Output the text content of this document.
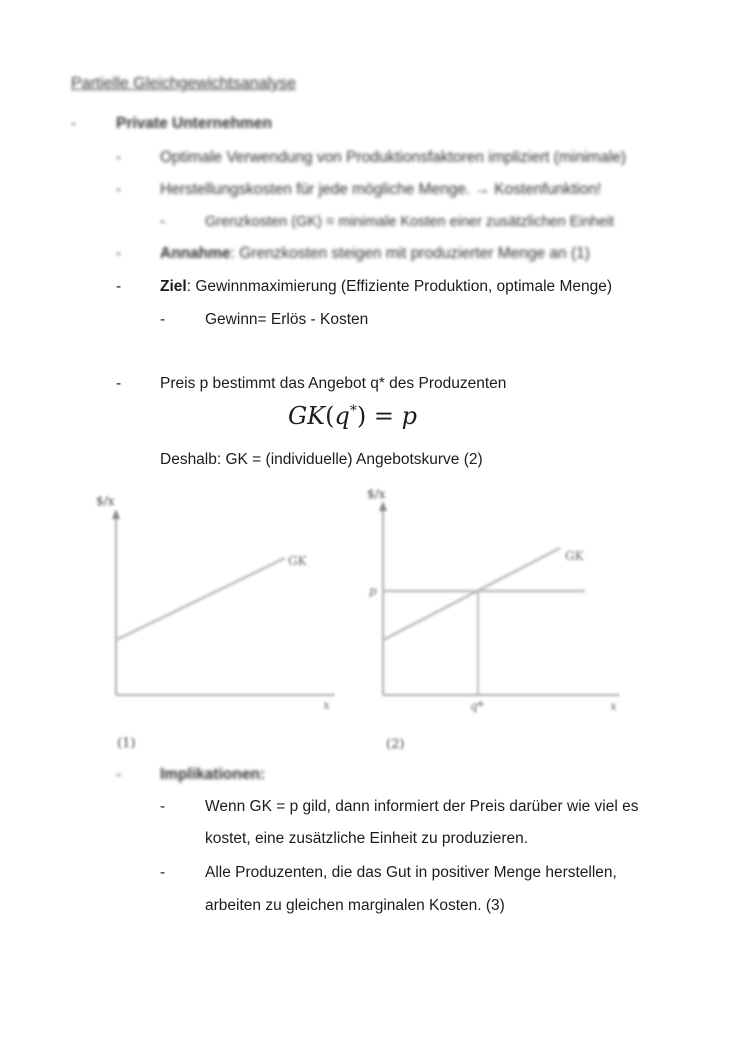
Partielle Gleichgewichtsanalyse
-	Private Unternehmen
-	Optimale Verwendung von Produktionsfaktoren impliziert (minimale)
-	Herstellungskosten für jede mögliche Menge. → Kostenfunktion!
-	Grenzkosten (GK) = minimale Kosten einer zusätzlichen Einheit
-	Annahme: Grenzkosten steigen mit produzierter Menge an (1)
-	Ziel: Gewinnmaximierung (Effiziente Produktion, optimale Menge)
-	Gewinn= Erlös - Kosten
-	Preis p bestimmt das Angebot q* des Produzenten
GK(q*) = p
Deshalb: GK = (individuelle) Angebotskurve (2)
$/x
x
GK
(1)
$/x
x
p
q*
GK
(2)
-	Implikationen:
-	Wenn GK = p gild, dann informiert der Preis darüber wie viel es
kostet, eine zusätzliche Einheit zu produzieren.
-	Alle Produzenten, die das Gut in positiver Menge herstellen,
arbeiten zu gleichen marginalen Kosten. (3)
